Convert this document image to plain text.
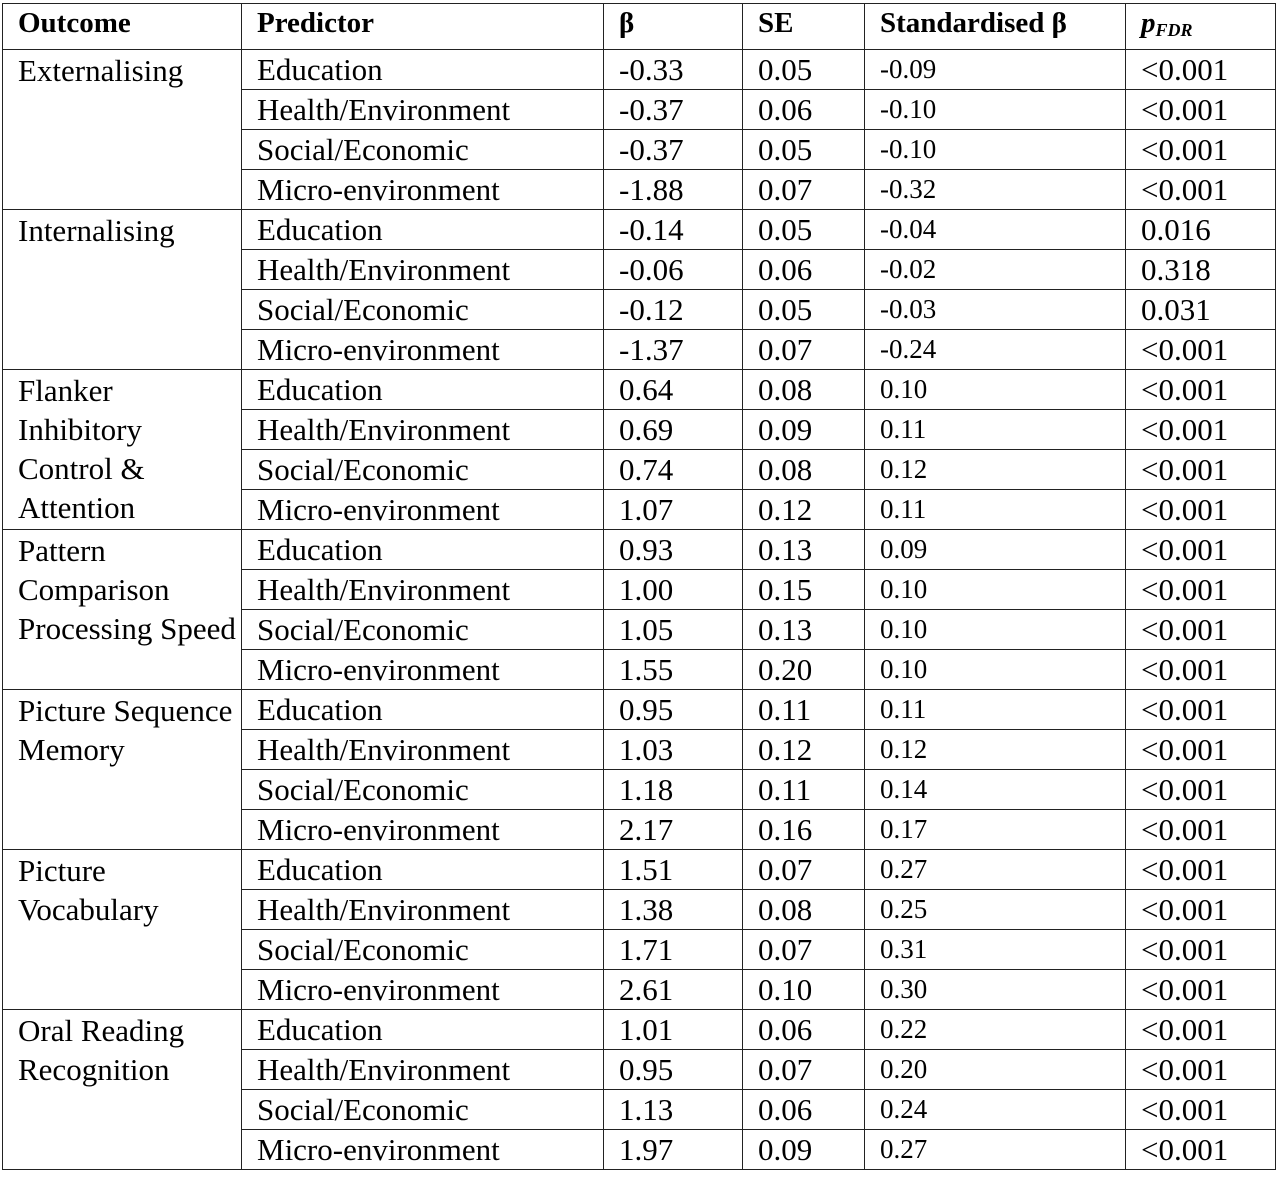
Outcome	Predictor	β	SE	Standardised β	pFDR
Externalising	Education	-0.33	0.05	-0.09	<0.001
	Health/Environment	-0.37	0.06	-0.10	<0.001
	Social/Economic	-0.37	0.05	-0.10	<0.001
	Micro-environment	-1.88	0.07	-0.32	<0.001
Internalising	Education	-0.14	0.05	-0.04	0.016
	Health/Environment	-0.06	0.06	-0.02	0.318
	Social/Economic	-0.12	0.05	-0.03	0.031
	Micro-environment	-1.37	0.07	-0.24	<0.001
Flanker Inhibitory Control & Attention	Education	0.64	0.08	0.10	<0.001
	Health/Environment	0.69	0.09	0.11	<0.001
	Social/Economic	0.74	0.08	0.12	<0.001
	Micro-environment	1.07	0.12	0.11	<0.001
Pattern Comparison Processing Speed	Education	0.93	0.13	0.09	<0.001
	Health/Environment	1.00	0.15	0.10	<0.001
	Social/Economic	1.05	0.13	0.10	<0.001
	Micro-environment	1.55	0.20	0.10	<0.001
Picture Sequence Memory	Education	0.95	0.11	0.11	<0.001
	Health/Environment	1.03	0.12	0.12	<0.001
	Social/Economic	1.18	0.11	0.14	<0.001
	Micro-environment	2.17	0.16	0.17	<0.001
Picture Vocabulary	Education	1.51	0.07	0.27	<0.001
	Health/Environment	1.38	0.08	0.25	<0.001
	Social/Economic	1.71	0.07	0.31	<0.001
	Micro-environment	2.61	0.10	0.30	<0.001
Oral Reading Recognition	Education	1.01	0.06	0.22	<0.001
	Health/Environment	0.95	0.07	0.20	<0.001
	Social/Economic	1.13	0.06	0.24	<0.001
	Micro-environment	1.97	0.09	0.27	<0.001
